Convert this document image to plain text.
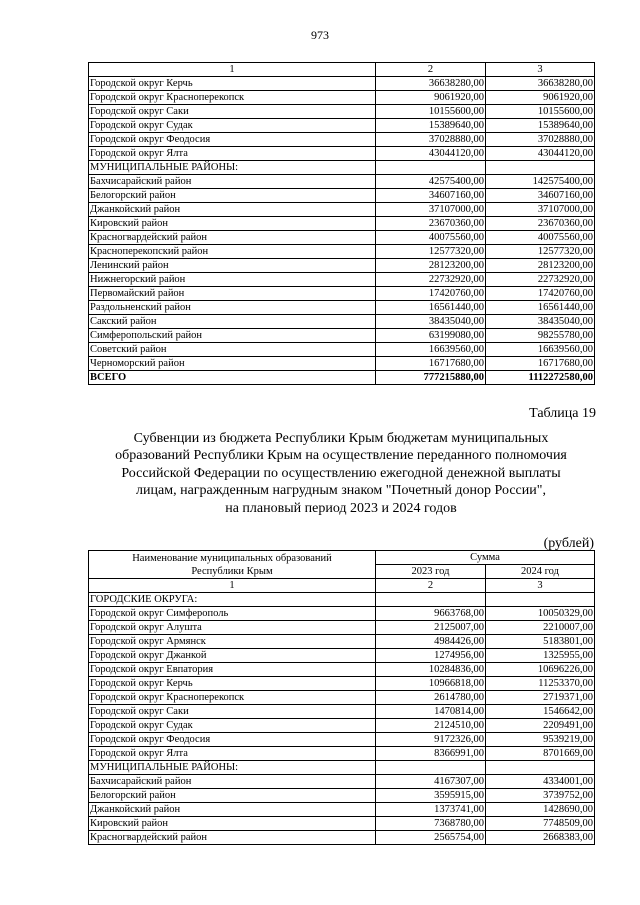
973
1	2	3
Городской округ Керчь	36638280,00	36638280,00
Городской округ Красноперекопск	9061920,00	9061920,00
Городской округ Саки	10155600,00	10155600,00
Городской округ Судак	15389640,00	15389640,00
Городской округ Феодосия	37028880,00	37028880,00
Городской округ Ялта	43044120,00	43044120,00
МУНИЦИПАЛЬНЫЕ РАЙОНЫ:		
Бахчисарайский район	42575400,00	142575400,00
Белогорский район	34607160,00	34607160,00
Джанкойский район	37107000,00	37107000,00
Кировский район	23670360,00	23670360,00
Красногвардейский район	40075560,00	40075560,00
Красноперекопский район	12577320,00	12577320,00
Ленинский район	28123200,00	28123200,00
Нижнегорский район	22732920,00	22732920,00
Первомайский район	17420760,00	17420760,00
Раздольненский район	16561440,00	16561440,00
Сакский район	38435040,00	38435040,00
Симферопольский район	63199080,00	98255780,00
Советский район	16639560,00	16639560,00
Черноморский район	16717680,00	16717680,00
ВСЕГО	777215880,00	1112272580,00
Таблица 19
Субвенции из бюджета Республики Крым бюджетам муниципальных
образований Республики Крым на осуществление переданного полномочия
Российской Федерации по осуществлению ежегодной денежной выплаты
лицам, награжденным нагрудным знаком "Почетный донор России",
на плановый период 2023 и 2024 годов
(рублей)
Наименование муниципальных образований
Республики Крым	Сумма	
	2023 год	2024 год
1	2	3
ГОРОДСКИЕ ОКРУГА:		
Городской округ Симферополь	9663768,00	10050329,00
Городской округ Алушта	2125007,00	2210007,00
Городской округ Армянск	4984426,00	5183801,00
Городской округ Джанкой	1274956,00	1325955,00
Городской округ Евпатория	10284836,00	10696226,00
Городской округ Керчь	10966818,00	11253370,00
Городской округ Красноперекопск	2614780,00	2719371,00
Городской округ Саки	1470814,00	1546642,00
Городской округ Судак	2124510,00	2209491,00
Городской округ Феодосия	9172326,00	9539219,00
Городской округ Ялта	8366991,00	8701669,00
МУНИЦИПАЛЬНЫЕ РАЙОНЫ:		
Бахчисарайский район	4167307,00	4334001,00
Белогорский район	3595915,00	3739752,00
Джанкойский район	1373741,00	1428690,00
Кировский район	7368780,00	7748509,00
Красногвардейский район	2565754,00	2668383,00
